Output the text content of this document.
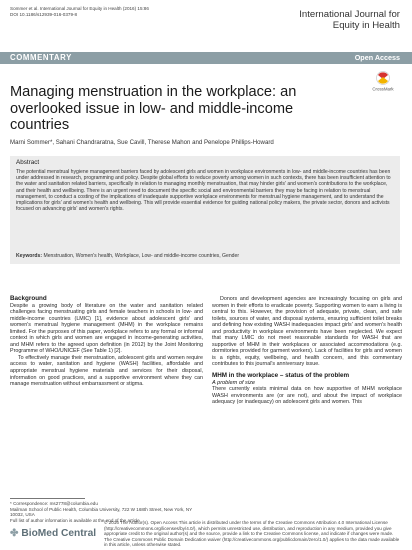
Sommer et al. International Journal for Equity in Health (2016) 15:86
DOI 10.1186/s12939-016-0379-8	International Journal for
Equity in Health
COMMENTARY	Open Access
CrossMark
Managing menstruation in the workplace: an overlooked issue in low- and middle-income countries
Marni Sommer*, Sahani Chandraratna, Sue Cavill, Therese Mahon and Penelope Phillips-Howard
Abstract
The potential menstrual hygiene management barriers faced by adolescent girls and women in workplace environments in low- and middle-income countries has been under addressed in research, programming and policy. Despite global efforts to reduce poverty among women in such contexts, there has been insufficient attention to the water and sanitation related barriers, specifically in relation to managing monthly menstruation, that may hinder girls' and women's contributions to the workplace, and their health and wellbeing. There is an urgent need to document the specific social and environmental barriers they may be facing in relation to menstrual management, to conduct a costing of the implications of inadequate supportive workplace environments for menstrual hygiene management, and to understand the implications for girls' and women's health and wellbeing. This will provide essential evidence for guiding national policy makers, the private sector, donors and activists focused on advancing girls' and women's rights.
Keywords: Menstruation, Women's health, Workplace, Low- and middle-income countries, Gender
Background
Despite a growing body of literature on the water and sanitation related challenges facing menstruating girls and female teachers in schools in low- and middle-income countries (LMIC) [1], evidence about adolescent girls' and women's menstrual hygiene management (MHM) in the workplace remains limited. For the purposes of this paper, workplace refers to any formal or informal context in which girls and women are engaged in income-generating activities, and MHM refers to the agreed upon definition (in 2012) by the Joint Monitoring Programme of WHO/UNICEF (See Table 1) [2].
To effectively manage their menstruation, adolescent girls and women require access to water, sanitation and hygiene (WASH) facilities, affordable and appropriate menstrual hygiene materials and services for their disposal, information on good practices, and a supportive environment where they can manage menstruation without embarrassment or stigma.
Donors and development agencies are increasingly focusing on girls and women in their efforts to eradicate poverty. Supporting women to earn a living is central to this. However, the provision of adequate, private, clean, and safe toilets, sources of water, and disposal systems, ensuring sufficient toilet breaks and defining how existing WASH inadequacies impact girls' and women's health and productivity in workplace environments have been neglected. We expect that many LMIC do not meet reasonable standards for WASH that are supportive of MHM in their workplaces or associated accommodations (e.g. dormitories provided for garment workers). Lack of facilities for girls and women is a rights, equity, wellbeing, and health concern, and this commentary contributes to this journal's anniversary issue.
MHM in the workplace – status of the problem
A problem of size
There currently exists minimal data on how supportive of MHM workplace WASH environments are (or are not), and about the impact of workplace adequacy (or inadequacy) on adolescent girls and women. This
* Correspondence: ms2778@columbia.edu
Mailman School of Public Health, Columbia University, 722 W 168th Street, New York, NY 10032, USA
Full list of author information is available at the end of the article
✤ BioMed Central
© 2016 The Author(s). Open Access This article is distributed under the terms of the Creative Commons Attribution 4.0 International License (http://creativecommons.org/licenses/by/4.0/), which permits unrestricted use, distribution, and reproduction in any medium, provided you give appropriate credit to the original author(s) and the source, provide a link to the Creative Commons license, and indicate if changes were made. The Creative Commons Public Domain Dedication waiver (http://creativecommons.org/publicdomain/zero/1.0/) applies to the data made available in this article, unless otherwise stated.
